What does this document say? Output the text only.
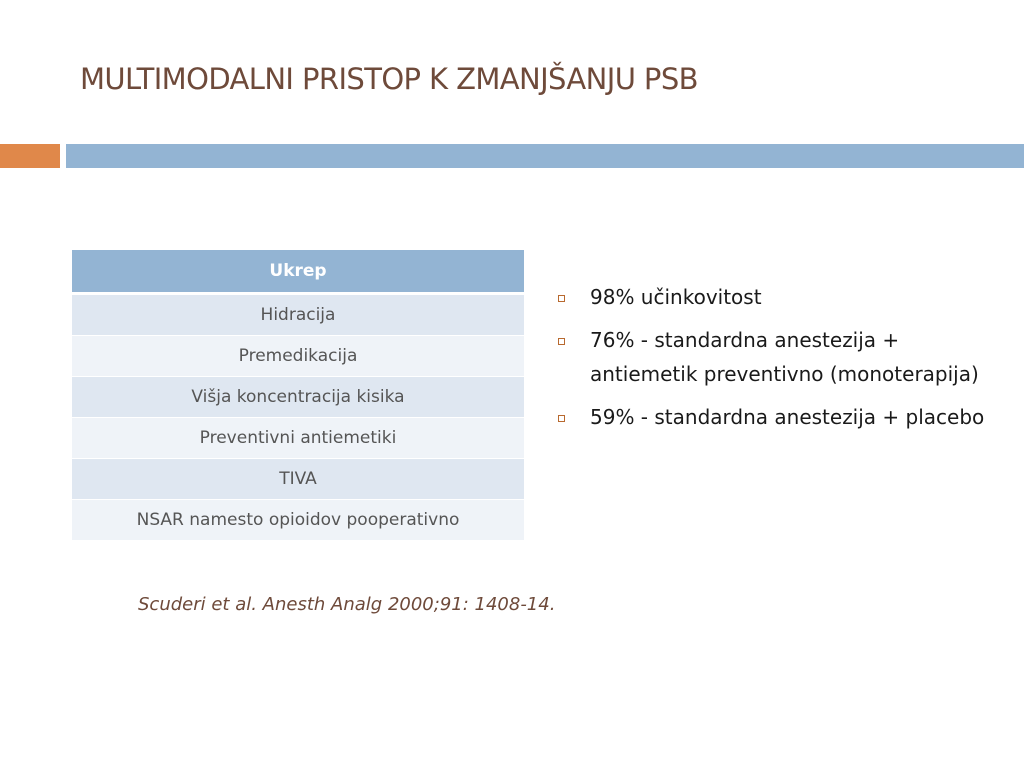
MULTIMODALNI PRISTOP K ZMANJŠANJU PSB
Ukrep
Hidracija
Premedikacija
Višja koncentracija kisika
Preventivni antiemetiki
TIVA
NSAR namesto opioidov pooperativno
98% učinkovitost
76% - standardna anestezija + antiemetik preventivno (monoterapija)
59% - standardna anestezija + placebo

Scuderi et al. Anesth Analg 2000;91: 1408-14.
